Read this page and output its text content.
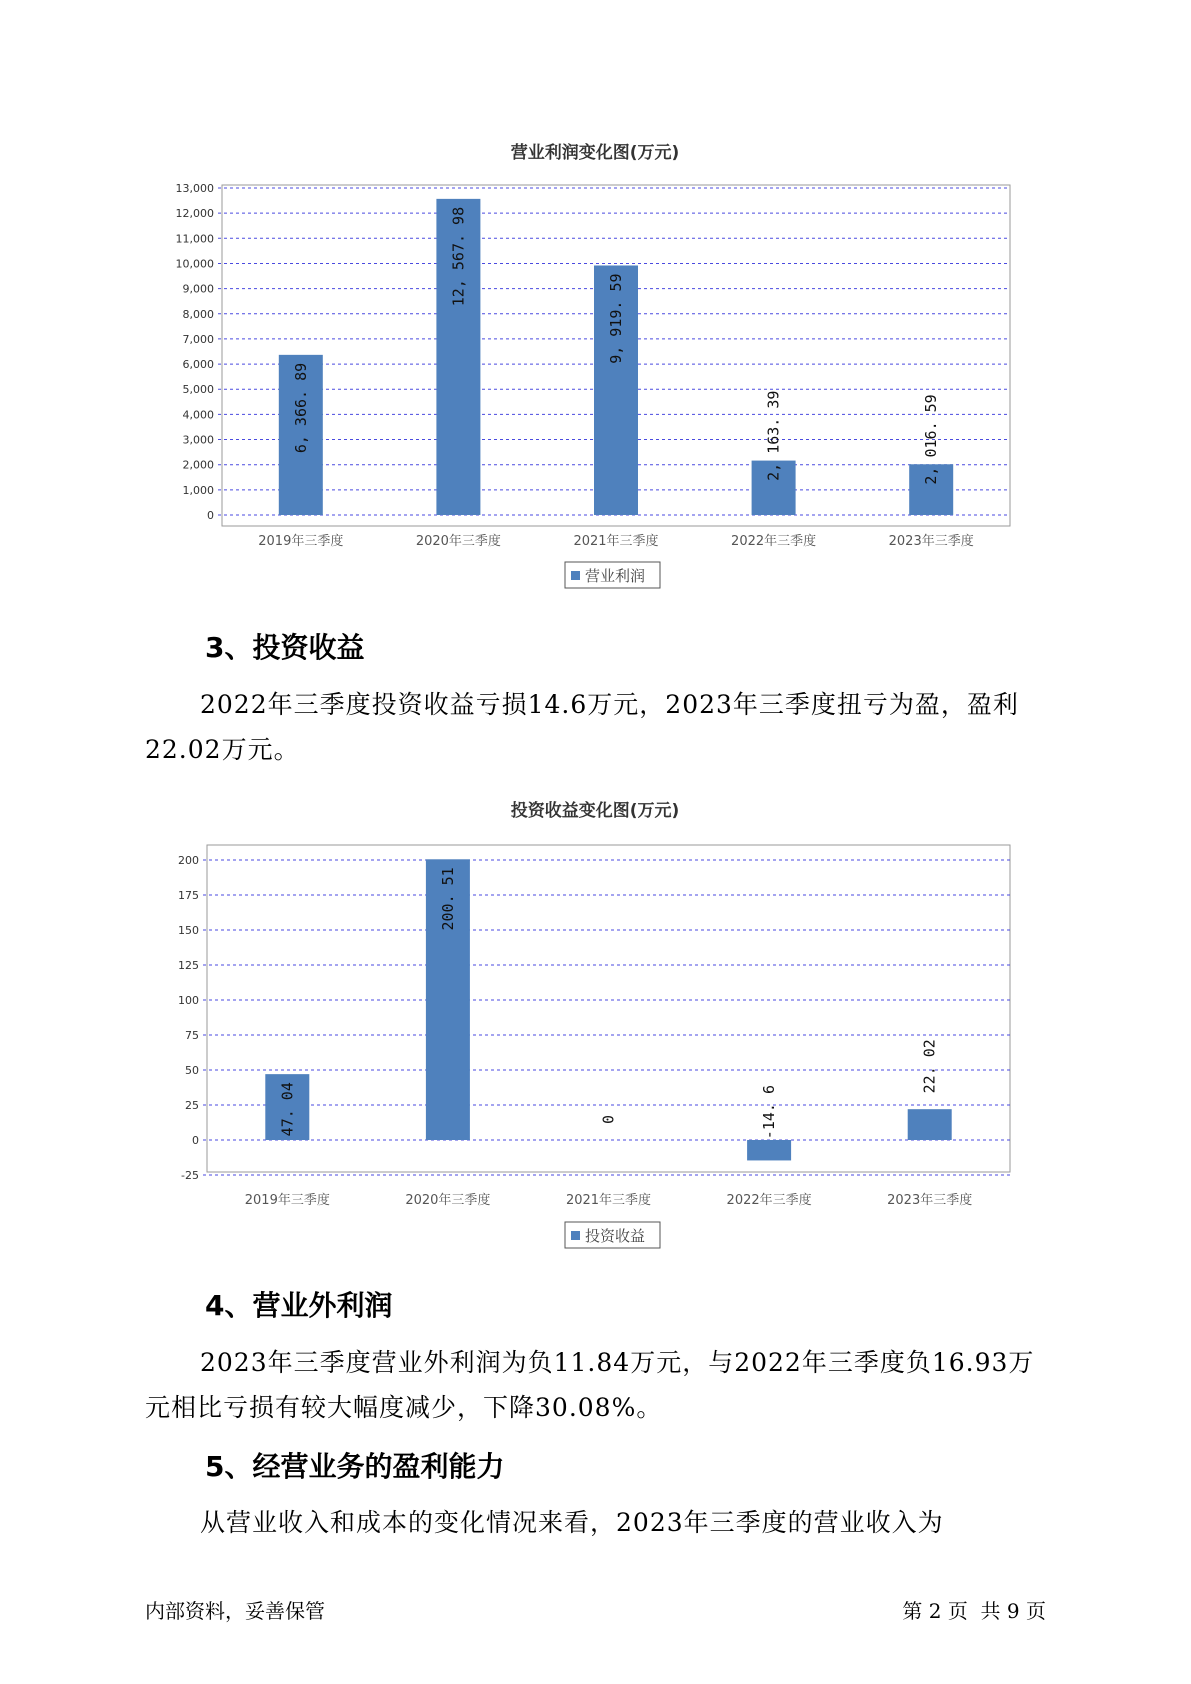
营业利润变化图(万元)
0
1,000
2,000
3,000
4,000
5,000
6,000
7,000
8,000
9,000
10,000
11,000
12,000
13,000
营业利润
6, 366. 89
2019年三季度
12, 567. 98
2020年三季度
9, 919. 59
2021年三季度
2, 163. 39
2022年三季度
2, 016. 59
2023年三季度
3、投资收益

2022年三季度投资收益亏损14.6万元，2023年三季度扭亏为盈，盈利22.02万元。

投资收益变化图(万元)
-25
0
25
50
75
100
125
150
175
200
投资收益
47. 04
2019年三季度
200. 51
2020年三季度
0
2021年三季度
-14. 6
2022年三季度
22. 02
2023年三季度
4、营业外利润

2023年三季度营业外利润为负11.84万元，与2022年三季度负16.93万元相比亏损有较大幅度减少，下降30.08%。

5、经营业务的盈利能力

从营业收入和成本的变化情况来看，2023年三季度的营业收入为

内部资料，妥善保管	第 2 页  共 9 页
